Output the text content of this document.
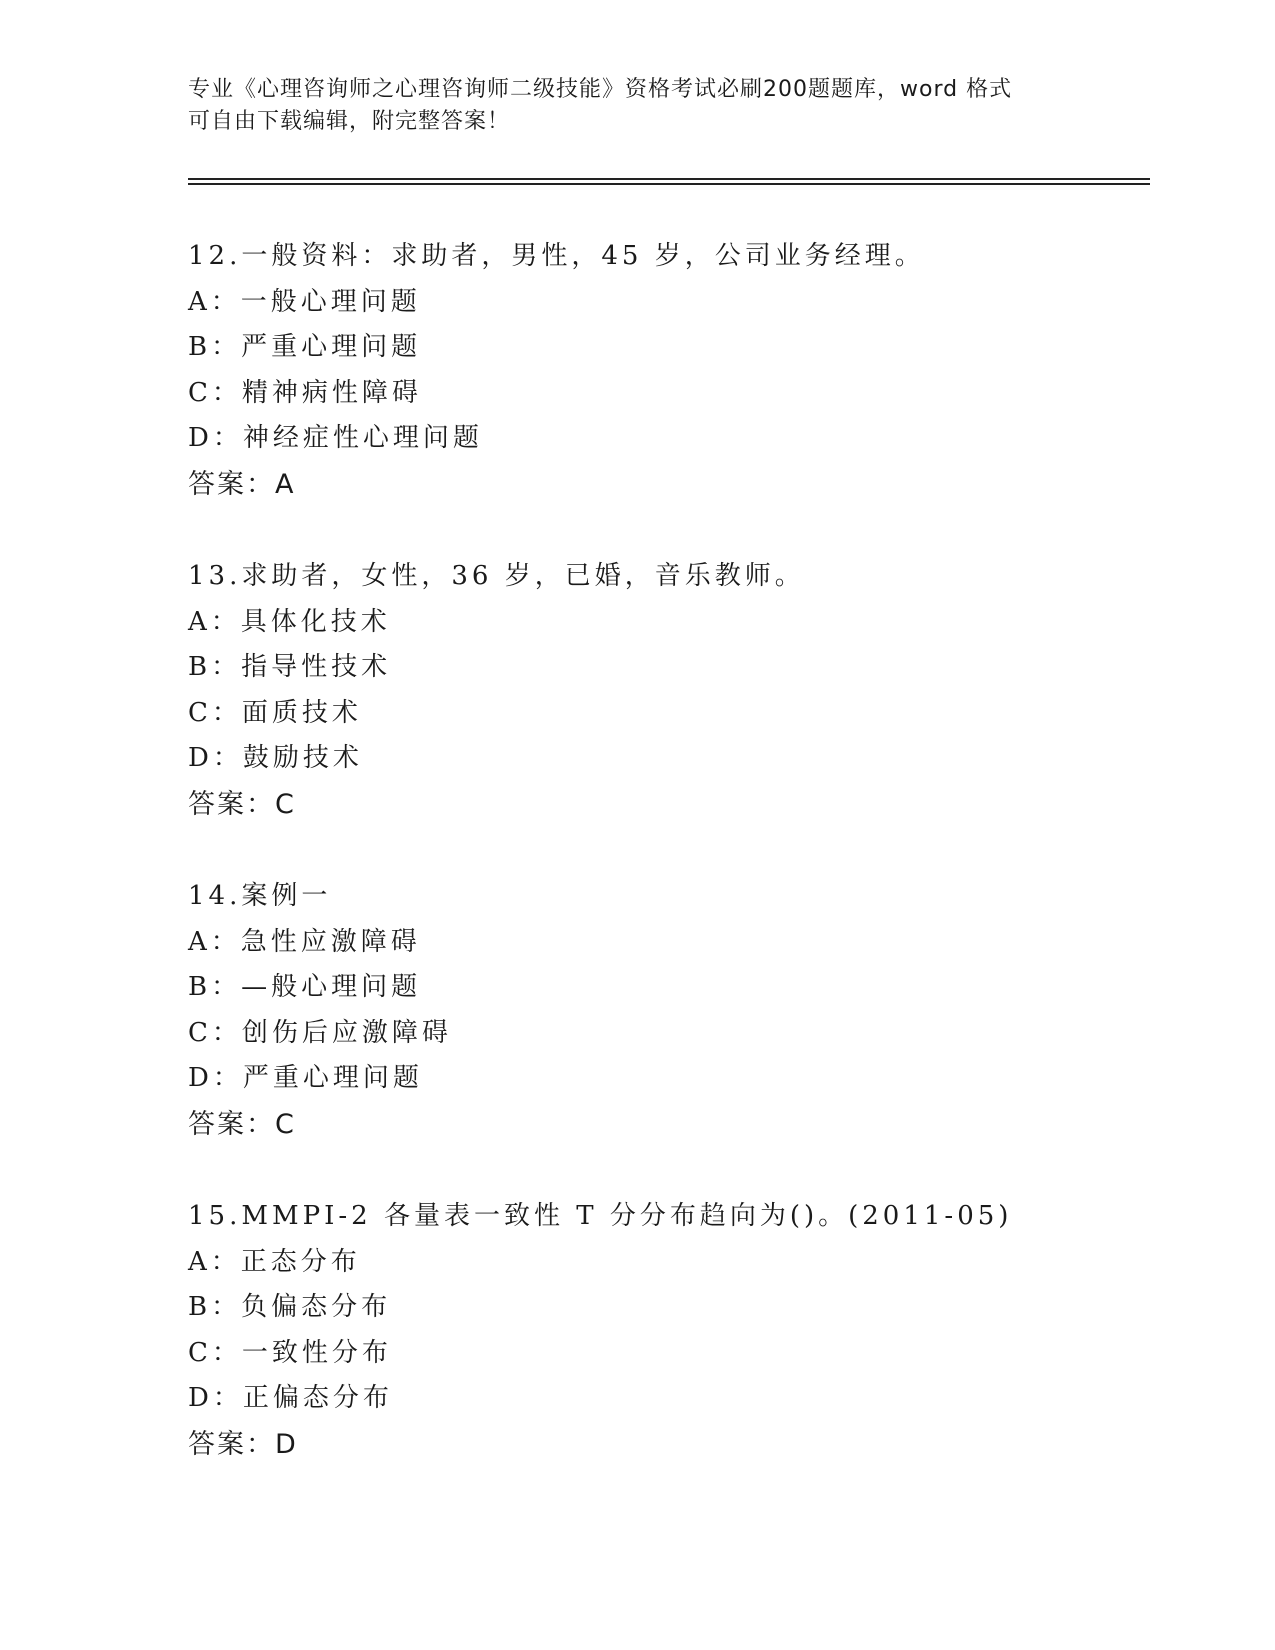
专业《心理咨询师之心理咨询师二级技能》资格考试必刷200题题库，word 格式
可自由下载编辑，附完整答案！
12.一般资料：求助者，男性，45 岁，公司业务经理。
A：一般心理问题
B：严重心理问题
C：精神病性障碍
D：神经症性心理问题
答案：A
13.求助者，女性，36 岁，已婚，音乐教师。
A：具体化技术
B：指导性技术
C：面质技术
D：鼓励技术
答案：C
14.案例一
A：急性应激障碍
B：—般心理问题
C：创伤后应激障碍
D：严重心理问题
答案：C
15.MMPI-2 各量表一致性 T 分分布趋向为()。(2011-05)
A：正态分布
B：负偏态分布
C：一致性分布
D：正偏态分布
答案：D
